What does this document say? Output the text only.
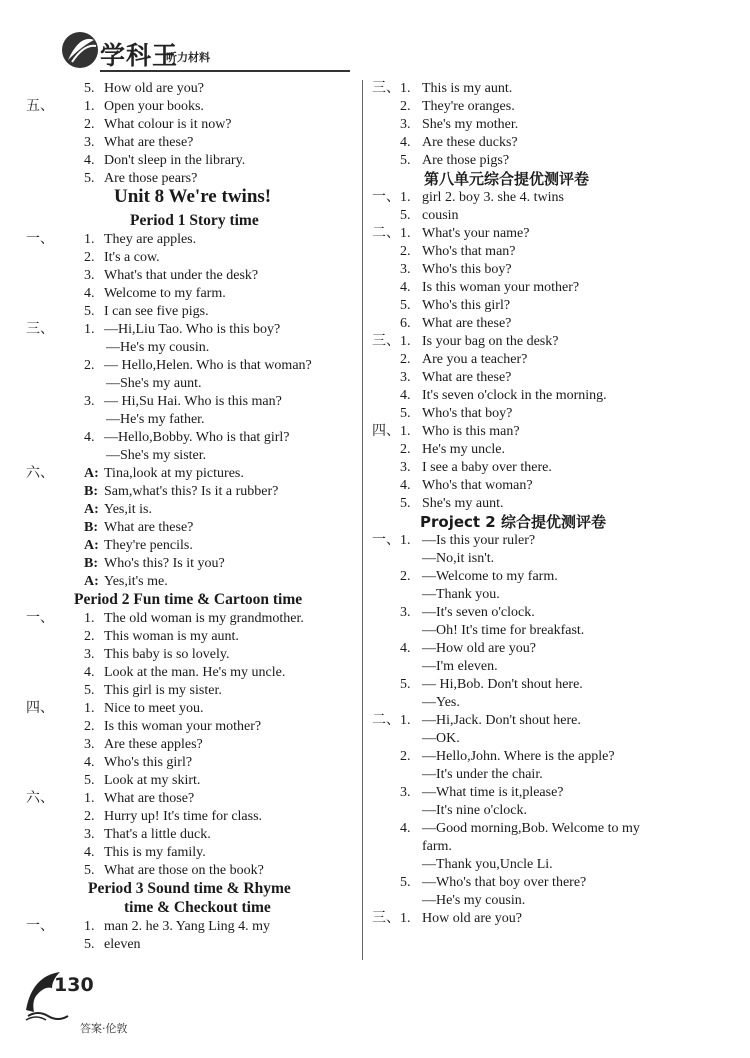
学科王
听力材料
5. How old are you?
五、 1. Open your books.
2. What colour is it now?
3. What are these?
4. Don't sleep in the library.
5. Are those pears?
Unit 8 We're twins!
Period 1 Story time
一、 1. They are apples.
2. It's a cow.
3. What's that under the desk?
4. Welcome to my farm.
5. I can see five pigs.
三、 1. —Hi,Liu Tao. Who is this boy?
—He's my cousin.
2. — Hello,Helen. Who is that woman?
—She's my aunt.
3. — Hi,Su Hai. Who is this man?
—He's my father.
4. —Hello,Bobby. Who is that girl?
—She's my sister.
六、 A: Tina,look at my pictures.
B: Sam,what's this? Is it a rubber?
A: Yes,it is.
B: What are these?
A: They're pencils.
B: Who's this? Is it you?
A: Yes,it's me.
Period 2 Fun time & Cartoon time
一、 1. The old woman is my grandmother.
2. This woman is my aunt.
3. This baby is so lovely.
4. Look at the man. He's my uncle.
5. This girl is my sister.
四、 1. Nice to meet you.
2. Is this woman your mother?
3. Are these apples?
4. Who's this girl?
5. Look at my skirt.
六、 1. What are those?
2. Hurry up! It's time for class.
3. That's a little duck.
4. This is my family.
5. What are those on the book?
Period 3 Sound time & Rhyme
time & Checkout time
一、 1. man 2. he 3. Yang Ling 4. my
5. eleven
三、 1. This is my aunt.
2. They're oranges.
3. She's my mother.
4. Are these ducks?
5. Are those pigs?
第八单元综合提优测评卷
一、 1. girl 2. boy 3. she 4. twins
5. cousin
二、 1. What's your name?
2. Who's that man?
3. Who's this boy?
4. Is this woman your mother?
5. Who's this girl?
6. What are these?
三、 1. Is your bag on the desk?
2. Are you a teacher?
3. What are these?
4. It's seven o'clock in the morning.
5. Who's that boy?
四、 1. Who is this man?
2. He's my uncle.
3. I see a baby over there.
4. Who's that woman?
5. She's my aunt.
Project 2 综合提优测评卷
一、 1. —Is this your ruler?
—No,it isn't.
2. —Welcome to my farm.
—Thank you.
3. —It's seven o'clock.
—Oh! It's time for breakfast.
4. —How old are you?
—I'm eleven.
5. — Hi,Bob. Don't shout here.
—Yes.
二、 1. —Hi,Jack. Don't shout here.
—OK.
2. —Hello,John. Where is the apple?
—It's under the chair.
3. —What time is it,please?
—It's nine o'clock.
4. —Good morning,Bob. Welcome to my
farm.
—Thank you,Uncle Li.
5. —Who's that boy over there?
—He's my cousin.
三、 1. How old are you?
130
答案·伦敦
